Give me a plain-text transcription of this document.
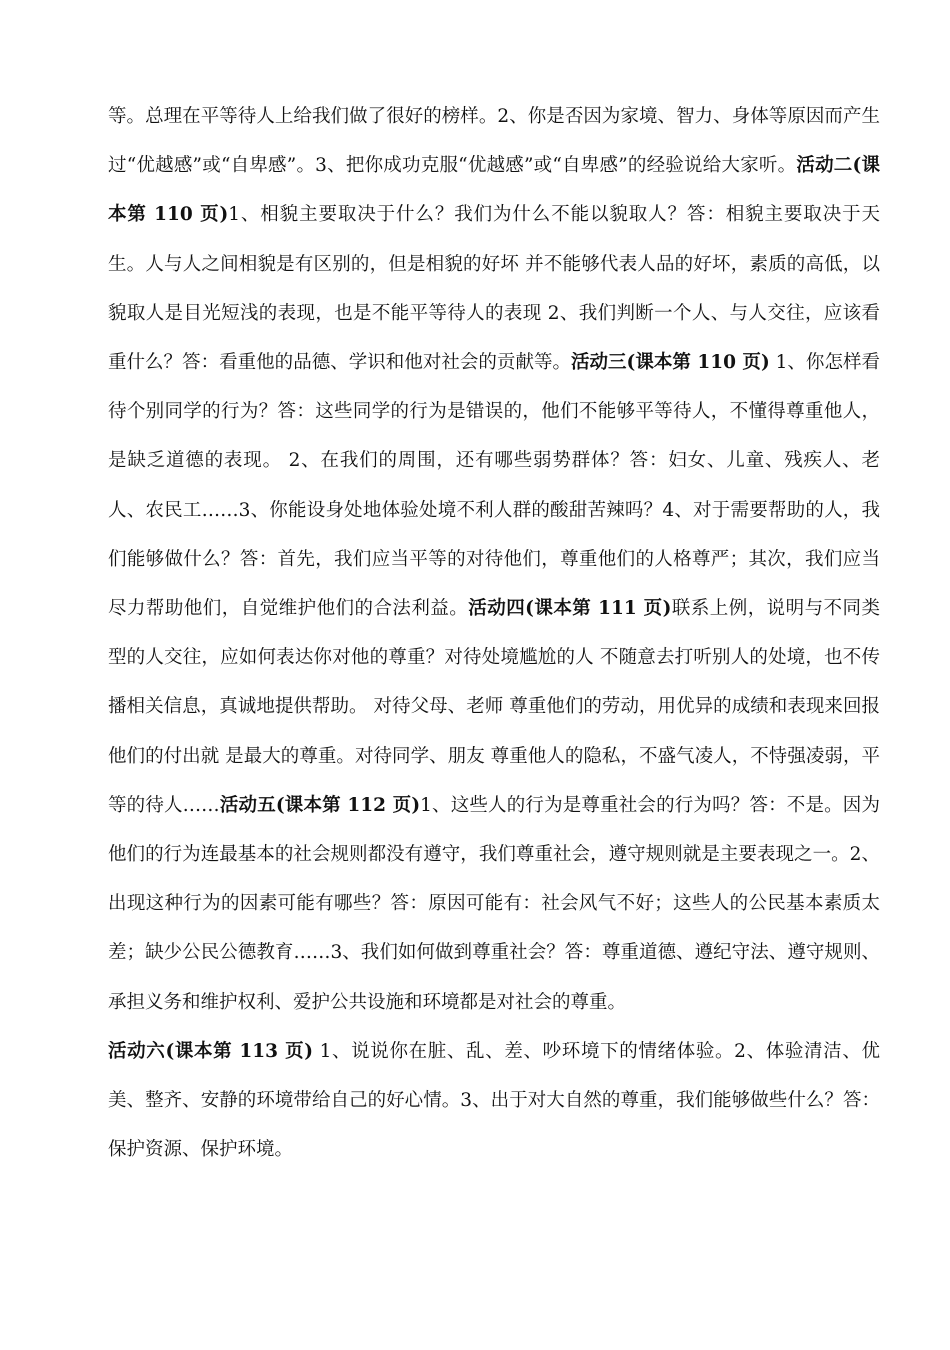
等。总理在平等待人上给我们做了很好的榜样。2、你是否因为家境、智力、身体等原因而产生过“优越感”或“自卑感”。3、把你成功克服“优越感”或“自卑感”的经验说给大家听。活动二(课本第 110 页)1、相貌主要取决于什么？我们为什么不能以貌取人？答：相貌主要取决于天生。人与人之间相貌是有区别的，但是相貌的好坏 并不能够代表人品的好坏，素质的高低，以貌取人是目光短浅的表现，也是不能平等待人的表现 2、我们判断一个人、与人交往，应该看重什么？答：看重他的品德、学识和他对社会的贡献等。活动三(课本第 110 页) 1、你怎样看待个别同学的行为？答：这些同学的行为是错误的，他们不能够平等待人，不懂得尊重他人，是缺乏道德的表现。 2、在我们的周围，还有哪些弱势群体？答：妇女、儿童、残疾人、老人、农民工……3、你能设身处地体验处境不利人群的酸甜苦辣吗？4、对于需要帮助的人，我们能够做什么？答：首先，我们应当平等的对待他们，尊重他们的人格尊严；其次，我们应当尽力帮助他们，自觉维护他们的合法利益。活动四(课本第 111 页)联系上例，说明与不同类型的人交往，应如何表达你对他的尊重？对待处境尴尬的人 不随意去打听别人的处境，也不传播相关信息，真诚地提供帮助。 对待父母、老师 尊重他们的劳动，用优异的成绩和表现来回报他们的付出就 是最大的尊重。对待同学、朋友 尊重他人的隐私，不盛气凌人，不恃强凌弱，平等的待人……活动五(课本第 112 页)1、这些人的行为是尊重社会的行为吗？答：不是。因为他们的行为连最基本的社会规则都没有遵守，我们尊重社会，遵守规则就是主要表现之一。2、出现这种行为的因素可能有哪些？答：原因可能有：社会风气不好；这些人的公民基本素质太差；缺少公民公德教育……3、我们如何做到尊重社会？答：尊重道德、遵纪守法、遵守规则、承担义务和维护权利、爱护公共设施和环境都是对社会的尊重。

活动六(课本第 113 页) 1、说说你在脏、乱、差、吵环境下的情绪体验。2、体验清洁、优美、整齐、安静的环境带给自己的好心情。3、出于对大自然的尊重，我们能够做些什么？答：保护资源、保护环境。
